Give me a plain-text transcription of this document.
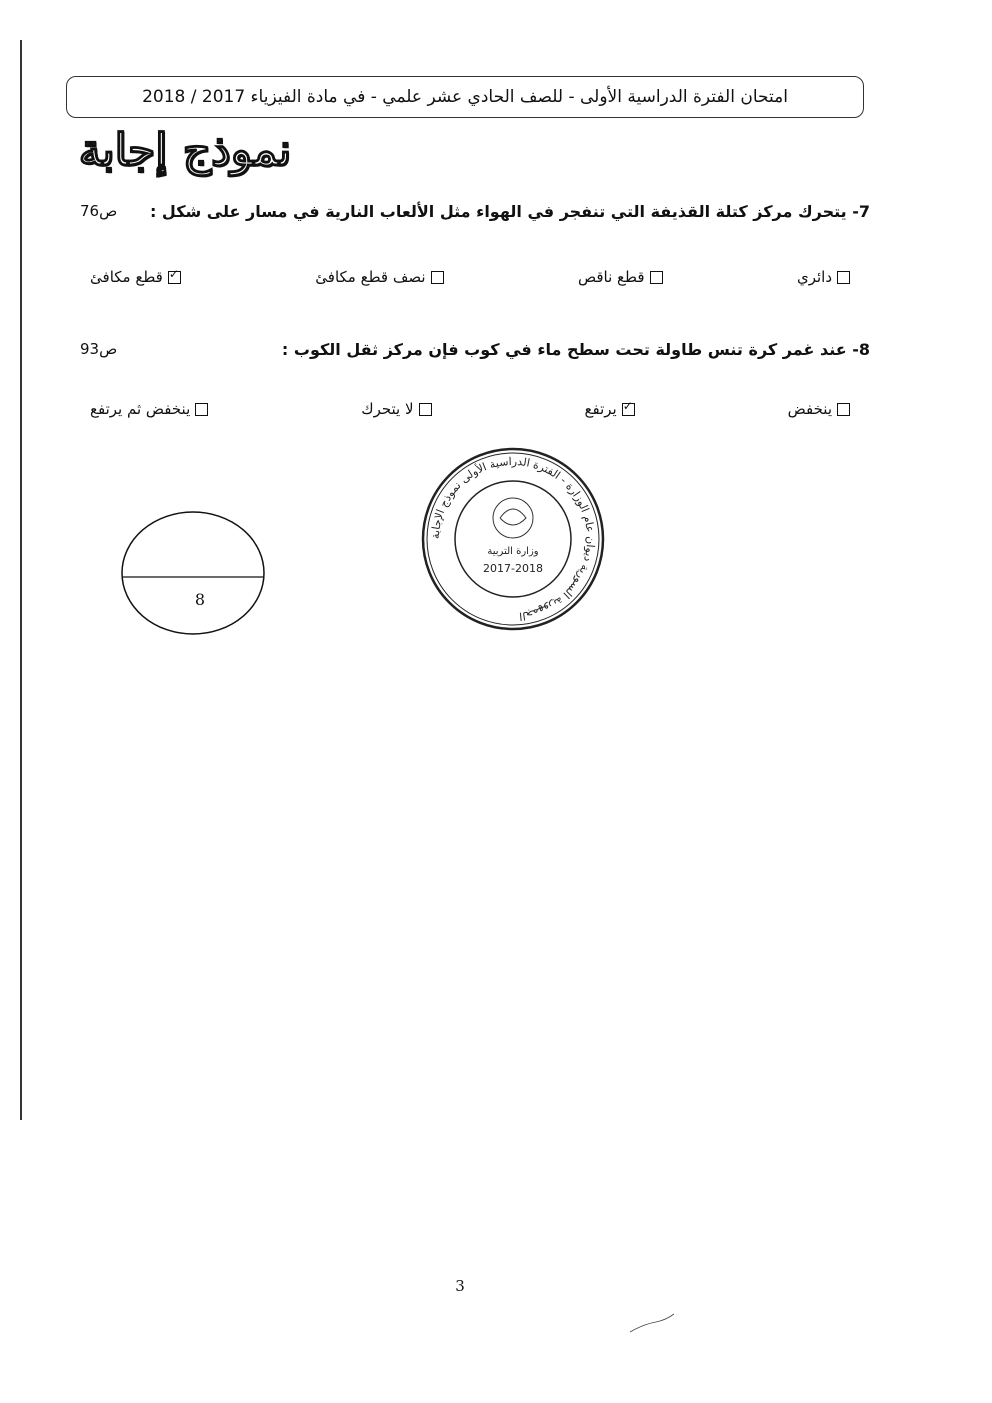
امتحان الفترة الدراسية الأولى - للصف الحادي عشر علمي - في مادة الفيزياء 2017 / 2018
نموذج إجابة
7- يتحرك مركز كتلة القذيفة التي تنفجر في الهواء مثل الألعاب النارية في مسار على شكل :
ص76
دائري
قطع ناقص
نصف قطع مكافئ
✓
قطع مكافئ
8- عند غمر كرة تنس طاولة تحت سطح ماء في كوب فإن مركز ثقل الكوب :
ص93
ينخفض
✓
يرتفع
لا يتحرك
ينخفض ثم يرتفع
الجمهورية السورية ديوان عام الوزارة - الفترة الدراسية الأولى نموذج الإجابة
وزارة التربية
2017-2018
8
3
